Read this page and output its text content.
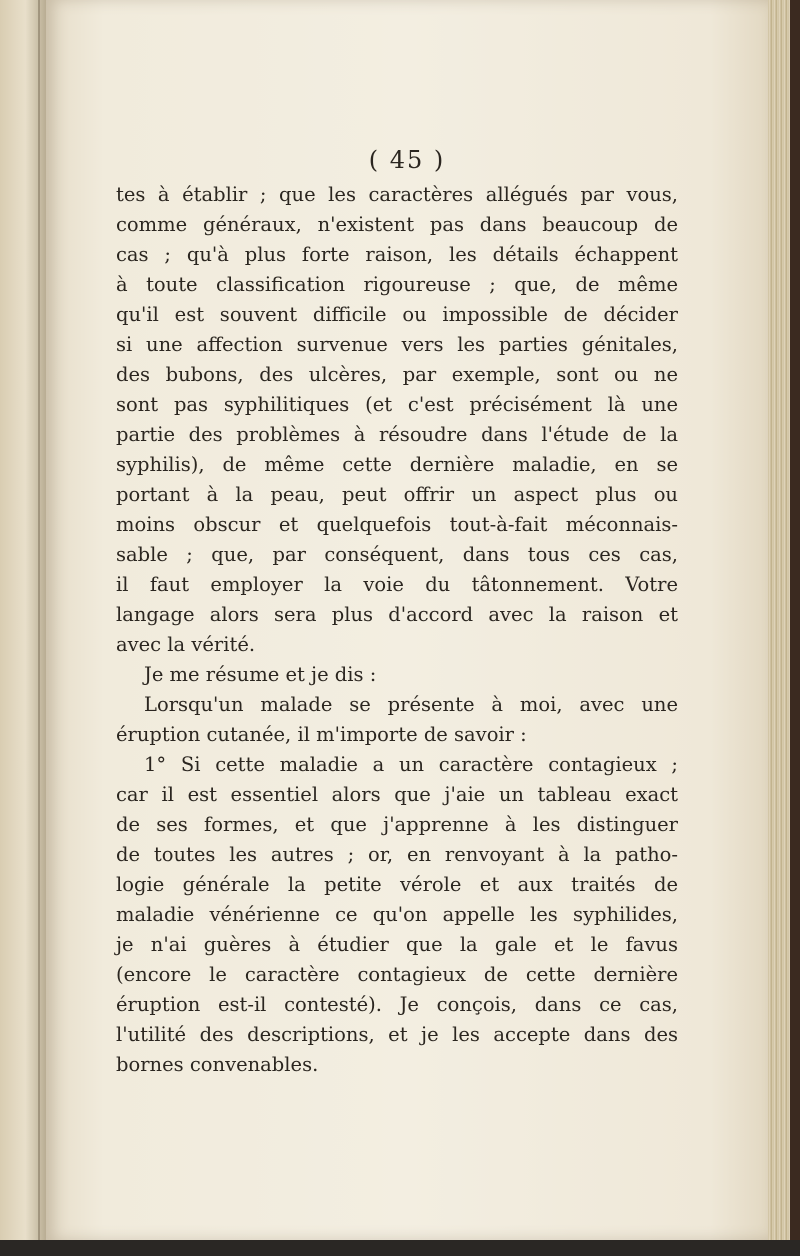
( 45 )
tes à établir ; que les caractères allégués par vous,
comme généraux, n'existent pas dans beaucoup de
cas ; qu'à plus forte raison, les détails échappent
à toute classification rigoureuse ; que, de même
qu'il est souvent difficile ou impossible de décider
si une affection survenue vers les parties génitales,
des bubons, des ulcères, par exemple, sont ou ne
sont pas syphilitiques (et c'est précisément là une
partie des problèmes à résoudre dans l'étude de la
syphilis), de même cette dernière maladie, en se
portant à la peau, peut offrir un aspect plus ou
moins obscur et quelquefois tout-à-fait méconnais-
sable ; que, par conséquent, dans tous ces cas,
il faut employer la voie du tâtonnement. Votre
langage alors sera plus d'accord avec la raison et
avec la vérité.
Je me résume et je dis :
Lorsqu'un malade se présente à moi, avec une
éruption cutanée, il m'importe de savoir :
1° Si cette maladie a un caractère contagieux ;
car il est essentiel alors que j'aie un tableau exact
de ses formes, et que j'apprenne à les distinguer
de toutes les autres ; or, en renvoyant à la patho-
logie générale la petite vérole et aux traités de
maladie vénérienne ce qu'on appelle les syphilides,
je n'ai guères à étudier que la gale et le favus
(encore le caractère contagieux de cette dernière
éruption est-il contesté). Je conçois, dans ce cas,
l'utilité des descriptions, et je les accepte dans des
bornes convenables.
